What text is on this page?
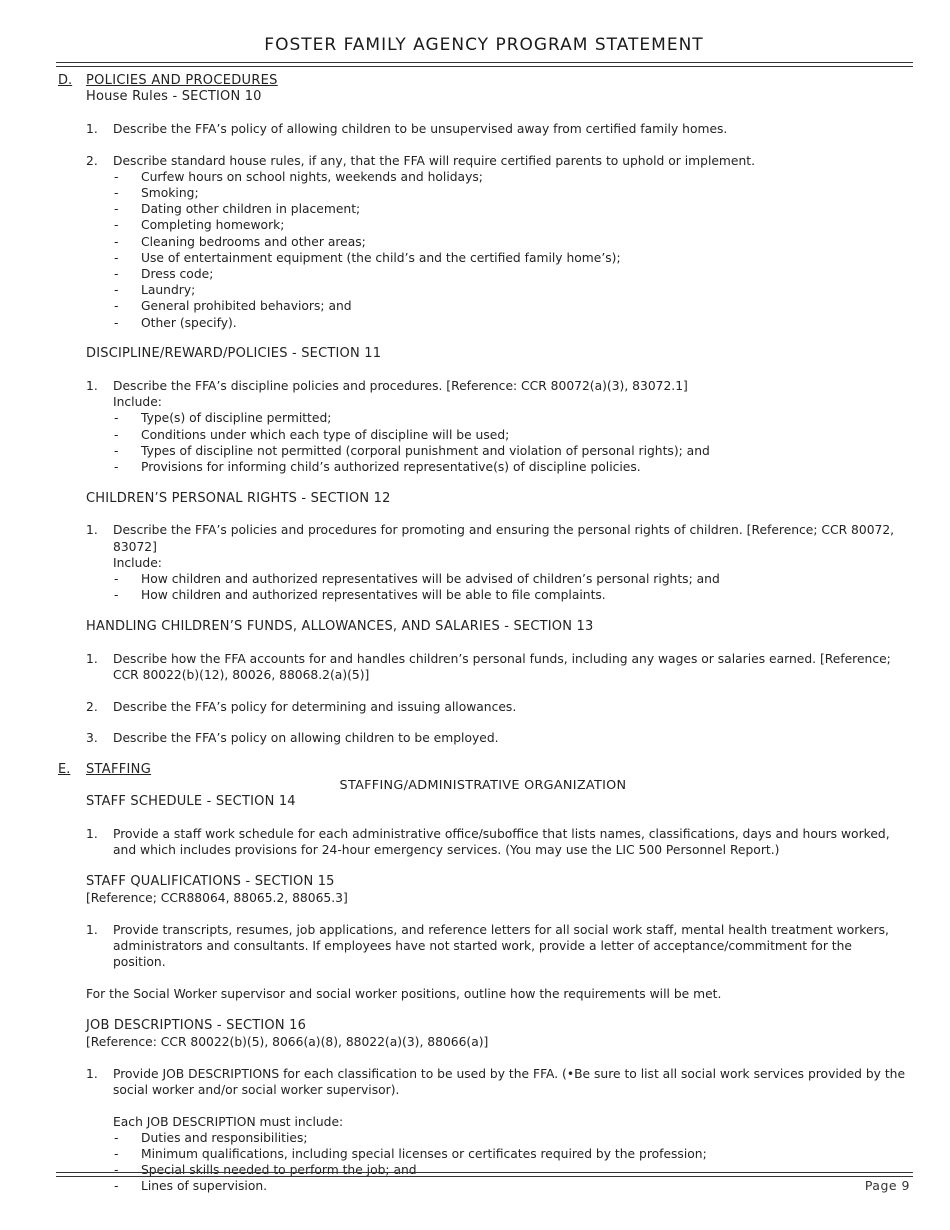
FOSTER FAMILY AGENCY PROGRAM STATEMENT
D. POLICIES AND PROCEDURES
House Rules - SECTION 10
1. Describe the FFA’s policy of allowing children to be unsupervised away from certified family homes.

2. Describe standard house rules, if any, that the FFA will require certified parents to uphold or implement.

- Curfew hours on school nights, weekends and holidays;
- Smoking;
- Dating other children in placement;
- Completing homework;
- Cleaning bedrooms and other areas;
- Use of entertainment equipment (the child’s and the certified family home’s);
- Dress code;
- Laundry;
- General prohibited behaviors; and
- Other (specify).
DISCIPLINE/REWARD/POLICIES - SECTION 11
1. Describe the FFA’s discipline policies and procedures. [Reference: CCR 80072(a)(3), 83072.1]

Include:
- Type(s) of discipline permitted;
- Conditions under which each type of discipline will be used;
- Types of discipline not permitted (corporal punishment and violation of personal rights); and
- Provisions for informing child’s authorized representative(s) of discipline policies.
CHILDREN’S PERSONAL RIGHTS - SECTION 12
1. Describe the FFA’s policies and procedures for promoting and ensuring the personal rights of children. [Reference; CCR 80072, 83072]

Include:
- How children and authorized representatives will be advised of children’s personal rights; and
- How children and authorized representatives will be able to file complaints.
HANDLING CHILDREN’S FUNDS, ALLOWANCES, AND SALARIES - SECTION 13
1. Describe how the FFA accounts for and handles children’s personal funds, including any wages or salaries earned. [Reference; CCR 80022(b)(12), 80026, 88068.2(a)(5)]

2. Describe the FFA’s policy for determining and issuing allowances.

3. Describe the FFA’s policy on allowing children to be employed.

E. STAFFING
STAFFING/ADMINISTRATIVE ORGANIZATION
STAFF SCHEDULE - SECTION 14
1. Provide a staff work schedule for each administrative office/suboffice that lists names, classifications, days and hours worked, and which includes provisions for 24-hour emergency services. (You may use the LIC 500 Personnel Report.)

STAFF QUALIFICATIONS - SECTION 15
[Reference; CCR88064, 88065.2, 88065.3]
1. Provide transcripts, resumes, job applications, and reference letters for all social work staff, mental health treatment workers, administrators and consultants. If employees have not started work, provide a letter of acceptance/commitment for the position.

For the Social Worker supervisor and social worker positions, outline how the requirements will be met.
JOB DESCRIPTIONS - SECTION 16
[Reference: CCR 80022(b)(5), 8066(a)(8), 88022(a)(3), 88066(a)]
1. Provide JOB DESCRIPTIONS for each classification to be used by the FFA. (•Be sure to list all social work services provided by the social worker and/or social worker supervisor).

Each JOB DESCRIPTION must include:
- Duties and responsibilities;
- Minimum qualifications, including special licenses or certificates required by the profession;
- Special skills needed to perform the job; and
- Lines of supervision.	Page 9
